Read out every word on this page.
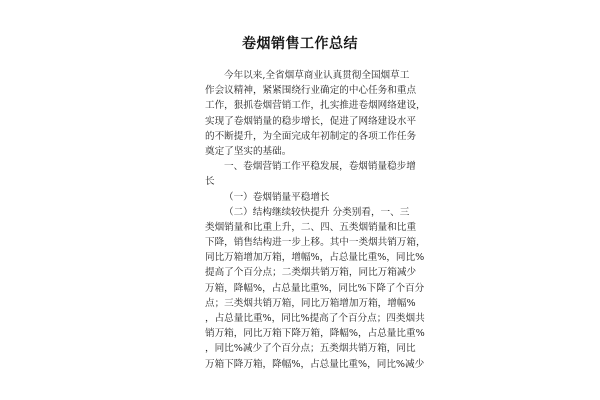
卷烟销售工作总结
今年以来,全省烟草商业认真贯彻全国烟草工
作会议精神，紧紧围绕行业确定的中心任务和重点
工作，狠抓卷烟营销工作，扎实推进卷烟网络建设，
实现了卷烟销量的稳步增长，促进了网络建设水平
的不断提升，为全面完成年初制定的各项工作任务
奠定了坚实的基础。
一、卷烟营销工作平稳发展，卷烟销量稳步增
长
（一）卷烟销量平稳增长
（二）结构继续较快提升 分类别看，一、三
类烟销量和比重上升，二、四、五类烟销量和比重
下降，销售结构进一步上移。其中一类烟共销万箱，
同比万箱增加万箱，增幅%，占总量比重%，同比%
提高了个百分点；二类烟共销万箱，同比万箱减少
万箱，降幅%，占总量比重%，同比%下降了个百分
点；三类烟共销万箱，同比万箱增加万箱，增幅%
，占总量比重%，同比%提高了个百分点；四类烟共
销万箱，同比万箱下降万箱，降幅%，占总量比重%
，同比%减少了个百分点；五类烟共销万箱，同比
万箱下降万箱，降幅%，占总量比重%，同比%减少
